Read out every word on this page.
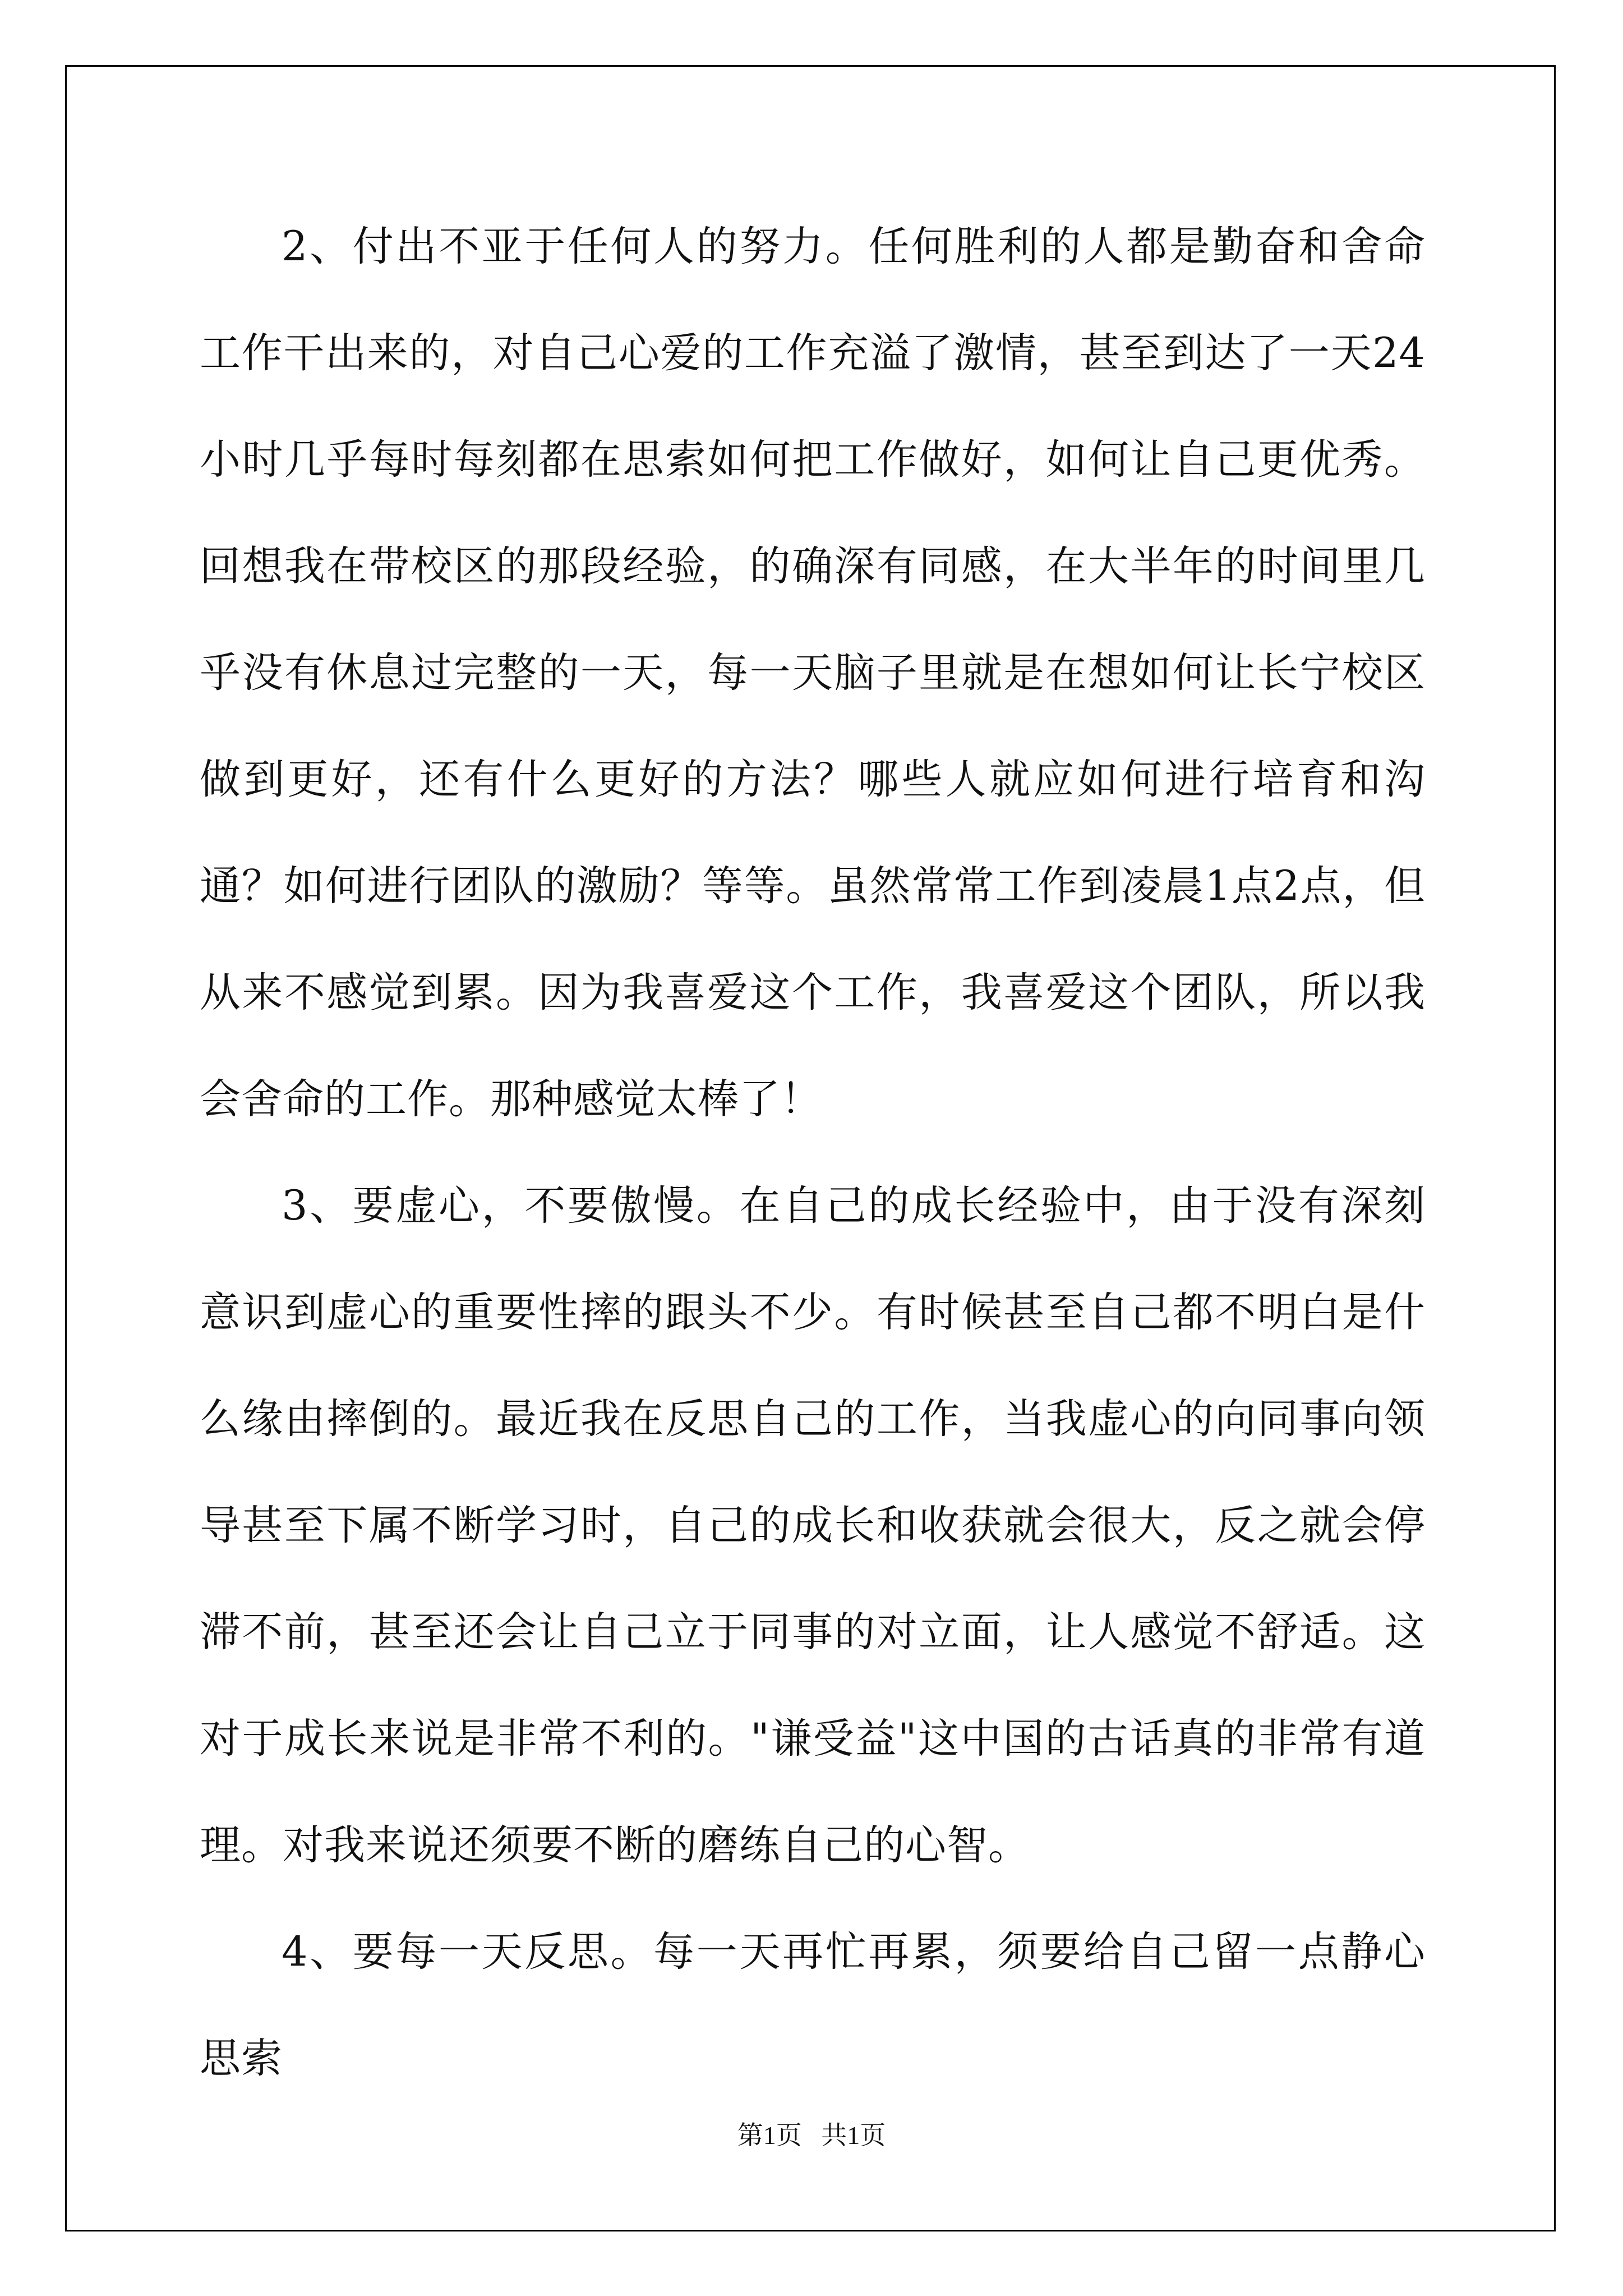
2、付出不亚于任何人的努力。任何胜利的人都是勤奋和舍命工作干出来的，对自己心爱的工作充溢了激情，甚至到达了一天24小时几乎每时每刻都在思索如何把工作做好，如何让自己更优秀。回想我在带校区的那段经验，的确深有同感，在大半年的时间里几乎没有休息过完整的一天，每一天脑子里就是在想如何让长宁校区做到更好，还有什么更好的方法？哪些人就应如何进行培育和沟通？如何进行团队的激励？等等。虽然常常工作到凌晨1点2点，但从来不感觉到累。因为我喜爱这个工作，我喜爱这个团队，所以我会舍命的工作。那种感觉太棒了！

3、要虚心，不要傲慢。在自己的成长经验中，由于没有深刻意识到虚心的重要性摔的跟头不少。有时候甚至自己都不明白是什么缘由摔倒的。最近我在反思自己的工作，当我虚心的向同事向领导甚至下属不断学习时，自己的成长和收获就会很大，反之就会停滞不前，甚至还会让自己立于同事的对立面，让人感觉不舒适。这对于成长来说是非常不利的。"谦受益"这中国的古话真的非常有道理。对我来说还须要不断的磨练自己的心智。

4、要每一天反思。每一天再忙再累，须要给自己留一点静心思索

第1页 共1页
